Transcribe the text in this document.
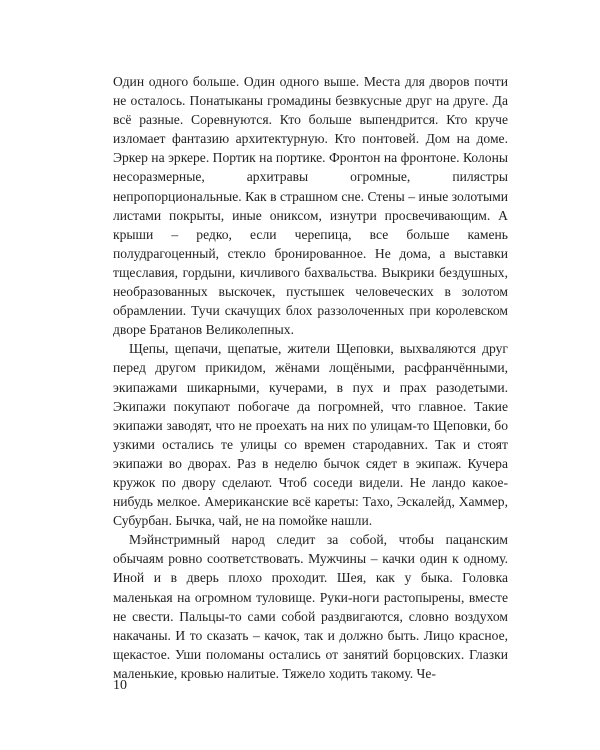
Один одного больше. Один одного выше. Места для дворов почти не осталось. Понатыканы громадины безвкусные друг на друге. Да всё разные. Соревнуются. Кто больше выпендрится. Кто круче изломает фантазию архитектурную. Кто понтовей. Дом на доме. Эркер на эркере. Портик на портике. Фронтон на фронтоне. Колоны несоразмерные, архитравы огромные, пилястры непропорциональные. Как в страшном сне. Стены – иные золотыми листами покрыты, иные ониксом, изнутри просвечивающим. А крыши – редко, если черепица, все больше камень полудрагоценный, стекло бронированное. Не дома, а выставки тщеславия, гордыни, кичливого бахвальства. Выкрики бездушных, необразованных выскочек, пустышек человеческих в золотом обрамлении. Тучи скачущих блох раззолоченных при королевском дворе Братанов Великолепных.

Щепы, щепачи, щепатые, жители Щеповки, выхваляются друг перед другом прикидом, жёнами лощёными, расфранчёнными, экипажами шикарными, кучерами, в пух и прах разодетыми. Экипажи покупают побогаче да погромней, что главное. Такие экипажи заводят, что не проехать на них по улицам-то Щеповки, бо узкими остались те улицы со времен стародавних. Так и стоят экипажи во дворах. Раз в неделю бычок сядет в экипаж. Кучера кружок по двору сделают. Чтоб соседи видели. Не ландо какое-нибудь мелкое. Американские всё кареты: Тахо, Эскалейд, Хаммер, Субурбан. Бычка, чай, не на помойке нашли.

Мэйнстримный народ следит за собой, чтобы пацанским обычаям ровно соответствовать. Мужчины – качки один к одному. Иной и в дверь плохо проходит. Шея, как у быка. Головка маленькая на огромном туловище. Руки-ноги растопырены, вместе не свести. Пальцы-то сами собой раздвигаются, словно воздухом накачаны. И то сказать – качок, так и должно быть. Лицо красное, щекастое. Уши поломаны остались от занятий борцовских. Глазки маленькие, кровью налитые. Тяжело ходить такому. Че-

10
